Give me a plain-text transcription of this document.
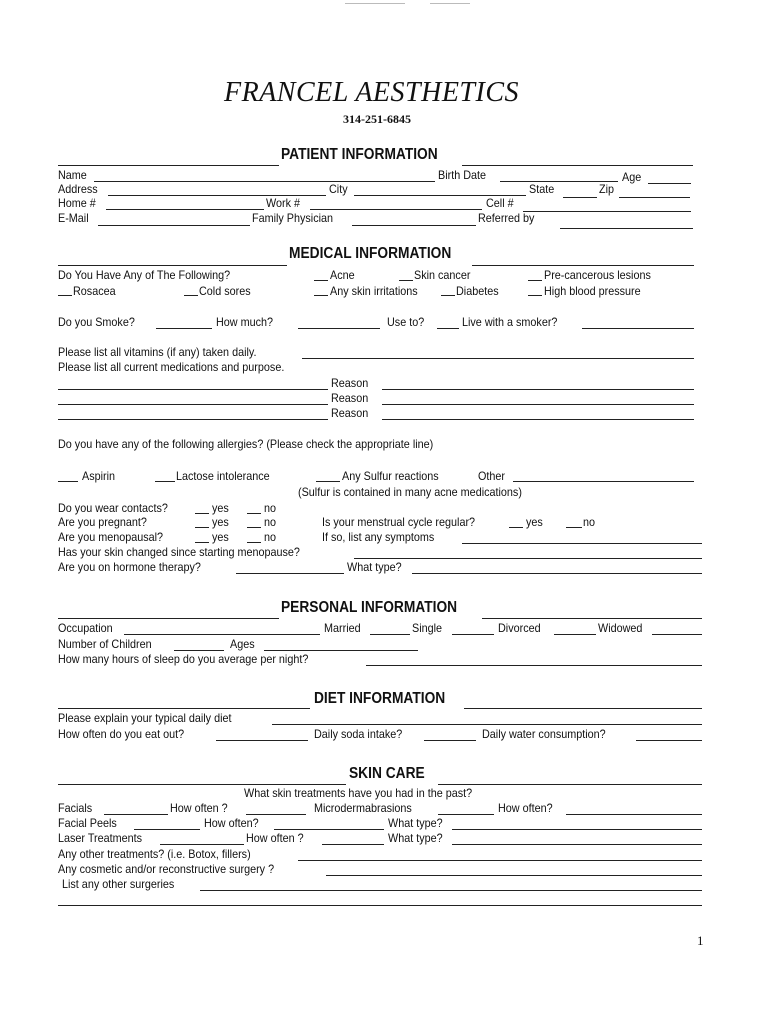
FRANCEL AESTHETICS
314-251-6845
PATIENT INFORMATION
Name	Birth Date	Age
Address	City	State	Zip
Home #	Work #	Cell #
E-Mail	Family Physician	Referred by
MEDICAL INFORMATION
Do You Have Any of The Following?	Acne	Skin cancer	Pre-cancerous lesions
Rosacea	Cold sores	Any skin irritations	Diabetes	High blood pressure
Do you Smoke?	How much?	Use to?	Live with a smoker?
Please list all vitamins (if any) taken daily.
Please list all current medications and purpose.
Reason
Reason
Reason
Do you have any of the following allergies? (Please check the appropriate line)
Aspirin	Lactose intolerance	Any Sulfur reactions	Other
(Sulfur is contained in many acne medications)
Do you wear contacts?	yes	no
Are you pregnant?	yes	no	Is your menstrual cycle regular?	yes	no
Are you menopausal?	yes	no	If so, list any symptoms
Has your skin changed since starting menopause?
Are you on hormone therapy?	What type?
PERSONAL INFORMATION
Occupation	Married	Single	Divorced	Widowed
Number of Children	Ages
How many hours of sleep do you average per night?
DIET INFORMATION
Please explain your typical daily diet
How often do you eat out?	Daily soda intake?	Daily water consumption?
SKIN CARE
What skin treatments have you had in the past?
Facials	How often ?	Microdermabrasions	How often?
Facial Peels	How often?	What type?
Laser Treatments	How often ?	What type?
Any other treatments? (i.e. Botox, fillers)
Any cosmetic and/or reconstructive surgery ?
List any other surgeries
1
